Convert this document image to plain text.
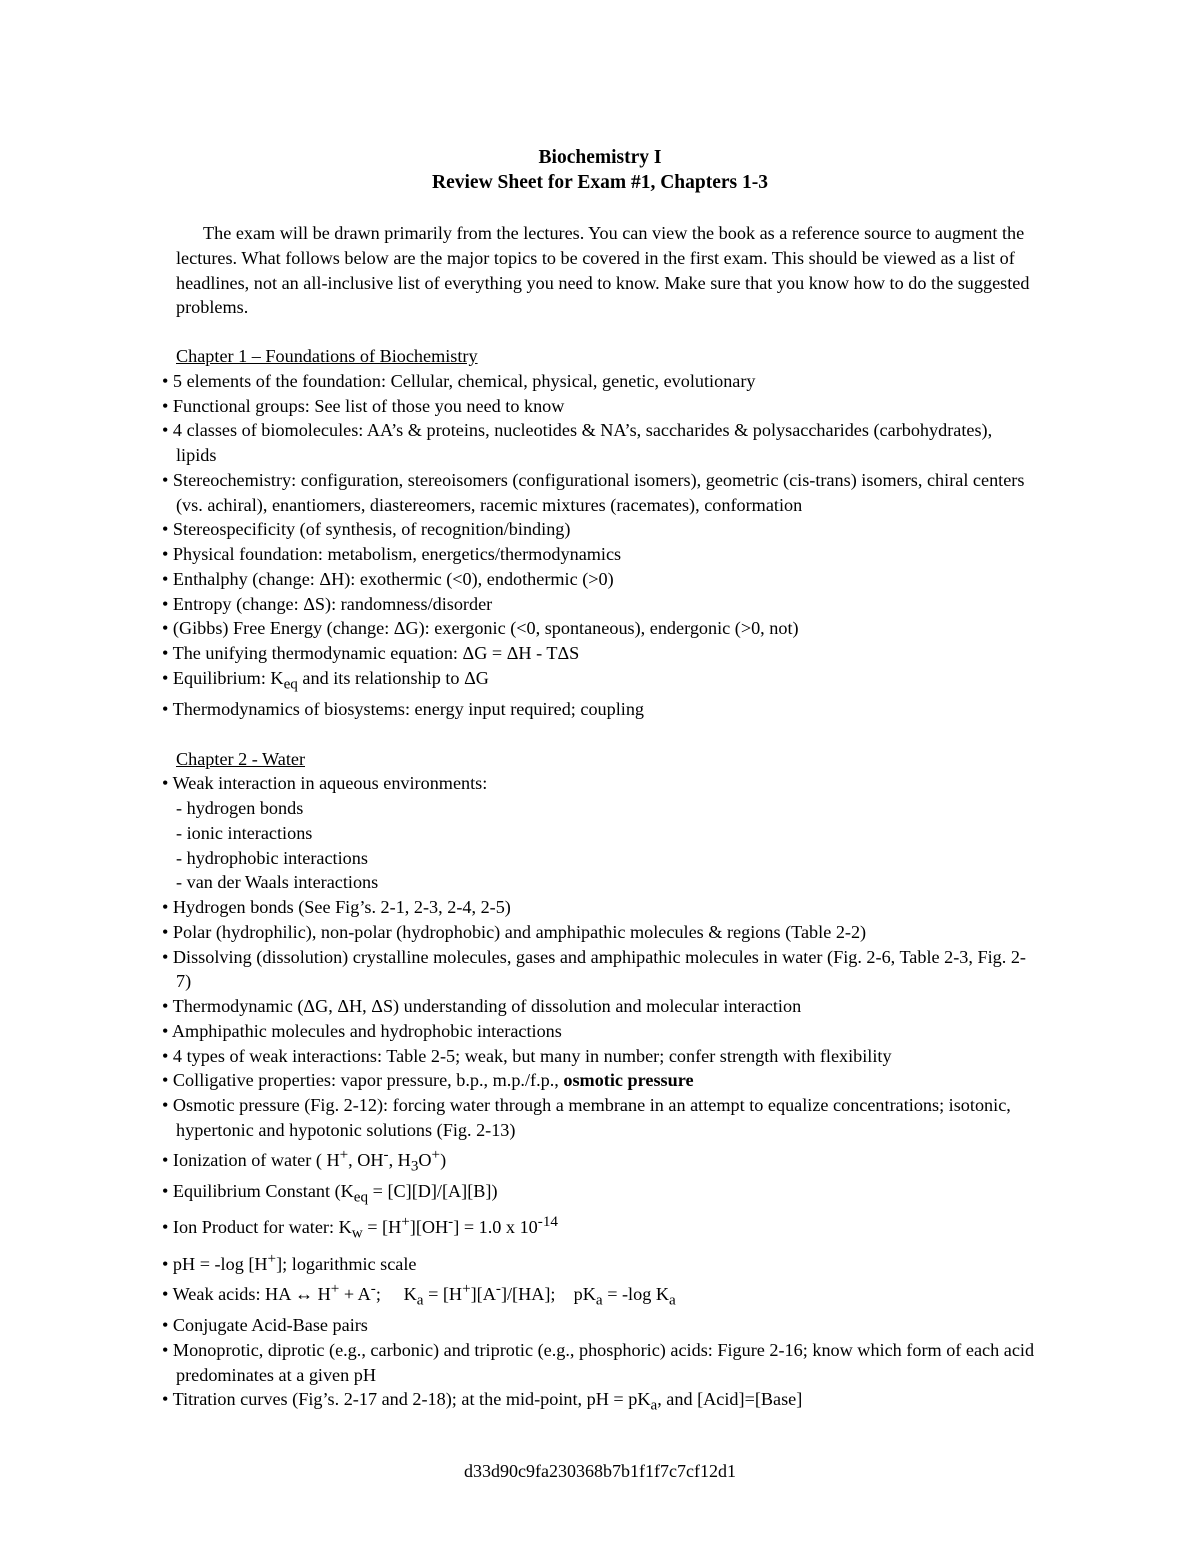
Biochemistry I
Review Sheet for Exam #1, Chapters 1-3

The exam will be drawn primarily from the lectures. You can view the book as a reference source to augment the lectures. What follows below are the major topics to be covered in the first exam. This should be viewed as a list of headlines, not an all-inclusive list of everything you need to know. Make sure that you know how to do the suggested problems.

Chapter 1 – Foundations of Biochemistry
• 5 elements of the foundation: Cellular, chemical, physical, genetic, evolutionary
• Functional groups: See list of those you need to know
• 4 classes of biomolecules: AA’s & proteins, nucleotides & NA’s, saccharides & polysaccharides (carbohydrates), lipids
• Stereochemistry: configuration, stereoisomers (configurational isomers), geometric (cis-trans) isomers, chiral centers (vs. achiral), enantiomers, diastereomers, racemic mixtures (racemates), conformation
• Stereospecificity (of synthesis, of recognition/binding)
• Physical foundation: metabolism, energetics/thermodynamics
• Enthalphy (change: ΔH): exothermic (<0), endothermic (>0)
• Entropy (change: ΔS): randomness/disorder
• (Gibbs) Free Energy (change: ΔG): exergonic (<0, spontaneous), endergonic (>0, not)
• The unifying thermodynamic equation: ΔG = ΔH - TΔS
• Equilibrium: $K_{eq}$ and its relationship to ΔG
• Thermodynamics of biosystems: energy input required; coupling
Chapter 2 - Water
• Weak interaction in aqueous environments:
- hydrogen bonds
- ionic interactions
- hydrophobic interactions
- van der Waals interactions
• Hydrogen bonds (See Fig’s. 2-1, 2-3, 2-4, 2-5)
• Polar (hydrophilic), non-polar (hydrophobic) and amphipathic molecules & regions (Table 2-2)
• Dissolving (dissolution) crystalline molecules, gases and amphipathic molecules in water (Fig. 2-6, Table 2-3, Fig. 2-7)
• Thermodynamic (ΔG, ΔH, ΔS) understanding of dissolution and molecular interaction
• Amphipathic molecules and hydrophobic interactions
• 4 types of weak interactions: Table 2-5; weak, but many in number; confer strength with flexibility
• Colligative properties: vapor pressure, b.p., m.p./f.p., osmotic pressure
• Osmotic pressure (Fig. 2-12): forcing water through a membrane in an attempt to equalize concentrations; isotonic, hypertonic and hypotonic solutions (Fig. 2-13)
• Ionization of water ( H+, OH-, $H_3O^+$)
• Equilibrium Constant $(K_{eq} = [C][D]/[A][B])$
• Ion Product for water: $K_w = [H^+][OH^-] = 1.0$ x $10^{-14}$
• pH = -log [H+]; logarithmic scale
• Weak acids: HA ↔ H+ + A-;     $K_a = [H^+][A^-]/[HA]$;    $pK_a = -\log$ $K_a$
• Conjugate Acid-Base pairs
• Monoprotic, diprotic (e.g., carbonic) and triprotic (e.g., phosphoric) acids: Figure 2-16; know which form of each acid predominates at a given pH
• Titration curves (Fig’s. 2-17 and 2-18); at the mid-point, pH = $pK_a$, and [Acid]=[Base]
d33d90c9fa230368b7b1f1f7c7cf12d1
